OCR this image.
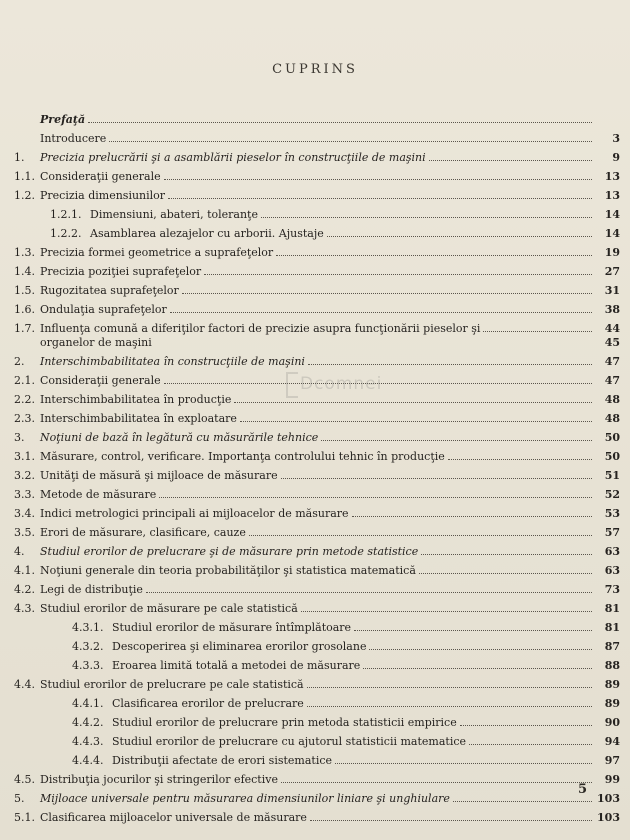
CUPRINS
Prefaţă
Introducere	3
1. Precizia prelucrării şi a asamblării pieselor în construcţiile de maşini	9
1.1. Consideraţii generale	13
1.2. Precizia dimensiunilor	13
1.2.1. Dimensiuni, abateri, toleranţe	14
1.2.2. Asamblarea alezajelor cu arborii. Ajustaje	14
1.3. Precizia formei geometrice a suprafeţelor	19
1.4. Precizia poziţiei suprafeţelor	27
1.5. Rugozitatea suprafeţelor	31
1.6. Ondulaţia suprafeţelor	38
1.7. Influenţa comună a diferiţilor factori de precizie asupra funcţionării pieselor şi	44
organelor de maşini	45
2. Interschimbabilitatea în construcţiile de maşini	47
2.1. Consideraţii generale	47
2.2. Interschimbabilitatea în producţie	48
2.3. Interschimbabilitatea în exploatare	48
3. Noţiuni de bază în legătură cu măsurările tehnice	50
3.1. Măsurare, control, verificare. Importanţa controlului tehnic în producţie	50
3.2. Unităţi de măsură şi mijloace de măsurare	51
3.3. Metode de măsurare	52
3.4. Indici metrologici principali ai mijloacelor de măsurare	53
3.5. Erori de măsurare, clasificare, cauze	57
4. Studiul erorilor de prelucrare şi de măsurare prin metode statistice	63
4.1. Noţiuni generale din teoria probabilităţilor şi statistica matematică	63
4.2. Legi de distribuţie	73
4.3. Studiul erorilor de măsurare pe cale statistică	81
4.3.1. Studiul erorilor de măsurare întîmplătoare	81
4.3.2. Descoperirea şi eliminarea erorilor grosolane	87
4.3.3. Eroarea limită totală a metodei de măsurare	88
4.4. Studiul erorilor de prelucrare pe cale statistică	89
4.4.1. Clasificarea erorilor de prelucrare	89
4.4.2. Studiul erorilor de prelucrare prin metoda statisticii empirice	90
4.4.3. Studiul erorilor de prelucrare cu ajutorul statisticii matematice	94
4.4.4. Distribuţii afectate de erori sistematice	97
4.5. Distribuţia jocurilor şi stringerilor efective	99
5. Mijloace universale pentru măsurarea dimensiunilor liniare şi unghiulare	103
5.1. Clasificarea mijloacelor universale de măsurare	103
Dcomnei
5
